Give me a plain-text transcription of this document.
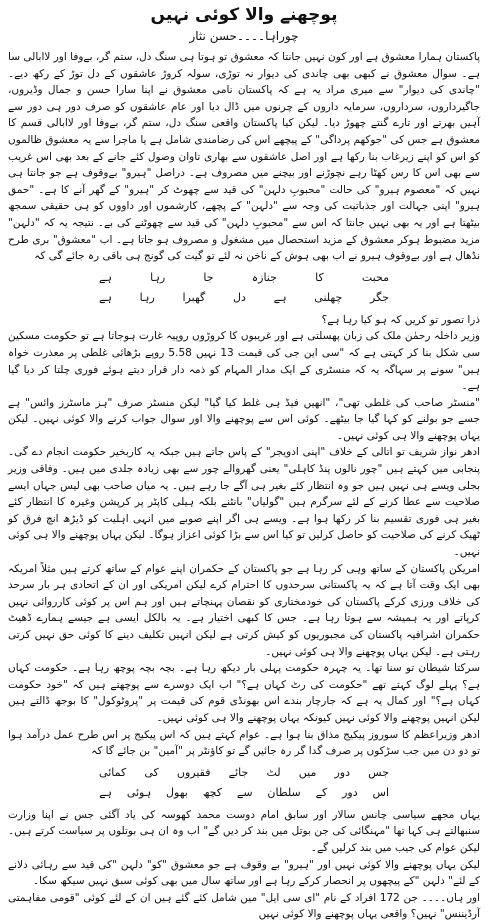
پوچھنے والا کوئی نہیں
چوراہا۔۔۔۔حسن نثار

پاکستان ہمارا معشوق ہے اور کون نہیں جانتا کہ معشوق تو ہوتا ہی سنگ دل، ستم گر، بےوفا اور لاابالی سا ہے۔ سوال معشوق نے کبھی بھی چاندی کی دیوار نہ توڑی، سولہ کروڑ عاشقوں کے دل توڑ کے رکھ دیے۔ "چاندی کی دیوار" سے میری مراد یہ ہے کہ پاکستان نامی معشوق نے اپنا سارا حسن و جمال وڈیروں، جاگیرداروں، سرداروں، سرمایہ داروں کے چرنوں میں ڈال دیا اور عام عاشقوں کو صرف دور ہی دور سے آہیں بھرتے اور تارے گنتے چھوڑ دیا۔ لیکن کیا پاکستان واقعی سنگ دل، ستم گر، بےوفا اور لاابالی قسم کا معشوق ہے جس کی "جوکھم پرداگی" کے پیچھے اس کی رضامندی شامل ہے یا ماجرا سے یہ معشوق ظالموں کو اس کو اپنے زیرغاب بنا رکھا ہے اور اصل عاشقوں سے بھاری تاوان وصول کئے جانے کے بعد بھی اس غریب سے بھی اس کا رس کھٹا رہے نچوڑنے اور بیچنے میں مصروف ہے۔ دراصل "ہیرو" بےوقوف ہے جو جانتا ہی نہیں کہ "معصوم ہیرو" کی حالت "محبوبِ دلہن" کی قید سے چھوٹ کر "ہیرو" کے گھر آنے کا ہے۔ "حمق ہیرو" اپنی جہالت اور جذباتیت کی وجہ سے "دلہن" کے پچھے، کارشموں اور داووں کو ہی حقیقی سمجھ بیٹھتا ہے اور یہ بھی نہیں جانتا کہ اس سے "محبوبِ دلہن" کی قید سے چھوٹنے کی بے۔ نتیجہ یہ کہ "دلہن" مزید مضبوط ہوکر معشوق کے مزید استحصال میں مشغول و مصروف ہو جاتا ہے۔ اب "معشوق" بری طرح نڈھال ہے اور بےوقوف ہیرو نے اب بھی ہوش کے ناخن نہ لئے تو گیت کی گونج ہی باقی رہ جائے گی کہ

محبت
کا
جنازہ
جا
رہا
ہے
جگر
چھلنی
ہے
دل
گھبرا
رہا
ہے

ذرا تصور تو کریں کہ ہو کیا رہا ہے؟

وزیر داخلہ رحمٰن ملک کی زبان پھسلتی ہے اور غریبوں کا کروڑوں روپیہ غارت ہوجاتا ہے تو حکومت مسکین سی شکل بنا کر کہتی ہے کہ "سی این جی کی قیمت 13 نہیں 5.58 روپے بڑھائی غلطی پر معذرت خواہ ہیں" سونے پر سہاگہ یہ کہ منسٹری کے ایک مدار المہام کو ذمہ دار قرار دیتے ہوئے فوری چلتا کر دیا گیا ہے۔

"منسٹر صاحب کی غلطی تھی"، "انھیں فیڈ ہی غلط کیا گیا" لیکن منسٹر صرف "ہز ماسٹرز وائس" ہے جسے جو بولنے کو کہا گیا جا بیٹھے۔ کوئی اس سے پوچھنے والا اور سوال جواب کرنے والا کوئی نہیں۔ لیکن یہاں پوچھنے والا ہی کوئی نہیں۔

ادھر نواز شریف تو اتالی کے خلاف "اپنی ادویجر" کے پاس جاتے ہیں جبکہ یہ کاربخیر حکومت انجام دے گی۔ پنجابی میں کہتے ہیں "چور نالوں پنڈ کاہلی" یعنی گھروالے چور سے بھی زیادہ جلدی میں ہیں۔ وفاقی وزیر بجلی ویسے ہی نہیں ہیں جو وہ انتظار کئے بغیر ہی آگے جا رہے ہیں۔ یہ میاں صاحب بھی لیس جہاں ایسے صلاحیت سے عطا کرنے کے لئے سرگرم ہیں "گولیاں" بانٹنے بلکہ ہیلی کاپٹر پر کرپشن وغیرہ کا انتظار کئے بغیر ہی فوری تقسیم بنا کر رکھا ہوا ہے۔ ویسے ہی اگر اپنے صوبے میں انہی اہلیت کو ڈیڑھ انچ فرق کو ٹھیک کرنے کی صلاحیت کو حاصل کرلیں تو کیا اس سے بڑا کوئی اعزاز ہوگا۔ لیکن یہاں پوچھنے والا ہی کوئی نہیں۔

امریکن پاکستان کے ساتھ وہی کر رہا ہے جو پاکستان کے حکمران اپنے عوام کے ساتھ کرتے ہیں مثلاً امریکہ بھی ایک وقت آتا ہے کہ یہ پاکستانی سرحدوں کا احترام کرے لیکن امریکی اور ان کے اتحادی ہر بار سرحد کی خلاف ورزی کرکے پاکستان کی خودمختاری کو نقصان پہنچاتے ہیں اور ہم اس پر کوئی کارروائی نہیں کرپاتے اور یہ ہمیشہ سے ہوتا رہا ہے۔ جس کا کبھی اختیار ہے۔ یہ بالکل ایسی ہے جیسے ہمارے ڈھیٹ حکمران اشرافیہ پاکستان کی مجبوریوں کو کیش کرتی ہے لیکن انہیں تکلیف دینے کا کوئی حق نہیں کرتی رہتی ہے۔ لیکن یہاں پوچھنے والا ہی کوئی نہیں۔

سرکتا شیطان تو سنا تھا۔ یہ چہرہ حکومت پہلی بار دیکھ رہا ہے۔ بچہ بچہ پوچھ رہا ہے۔ حکومت کہاں ہے؟ پہلے لوگ کہتے تھے "حکومت کی رٹ کہاں ہے؟" اب ایک دوسرے سے پوچھتے ہیں کہ "خود حکومت کہاں ہے؟" اور کمال یہ ہے کہ جارچار بندے اس بھونڈی قوم کی قیمت پر "پروٹوکول" کا بوجھ ڈالتے ہیں لیکن انہیں پوچھنے والا کوئی نہیں کیونکہ یہاں پوچھنے والا ہی کوئی نہیں۔

ادھر وزیراعظم کا سوروز پیکیج مذاق بنا ہوا ہے۔ عوام کہتے ہیں کہ اس پیکیج پر اس طرح عمل درآمد ہوا تو دو دن میں جب سڑکوں پر صرف گدا گر رہ جائیں گے تو کاؤنٹر پر "آمین" بن جائے گا کہ

جس
دور
میں
لٹ
جائے
فقیروں
کی
کمائی
اس
دور
کے
سلطان
سے
کچھ
بھول
ہوئی
ہے

یہاں مجھے سیاسی چانس سالار اور سابق امام دوست محمد کھوسہ کی یاد آگئی جس نے اپنا وزارت سنبھالتے ہی کہا تھا "مہنگائی کی جن بوتل میں بند کر دیں گے" اب وہ ان ہی بوتلوں پر سیاست کرتے ہیں۔ لیکن عوام کی جیب میں بند کرلیں گے۔

لیکن یہاں پوچھنے والا کوئی نہیں اور "ہیرو" بے وقوف ہے جو معشوق "کو" دلہن "کی قید سے رہائی دلانے کے لئے" دلہن "کے پیچھوں پر انحصار کرکے رہا ہے اور ساتھ سال میں بھی کوئی سبق نہیں سیکھ سکا۔

اور ہاں۔۔۔۔ جن 172 افراد کے نام "ای سی ایل" میں شامل کئے گئے ہیں ان کے لئے کوئی "قومی مفاہمتی آرڈیننس" نہیں؟ واقعی یہاں پوچھنے والا کوئی نہیں
